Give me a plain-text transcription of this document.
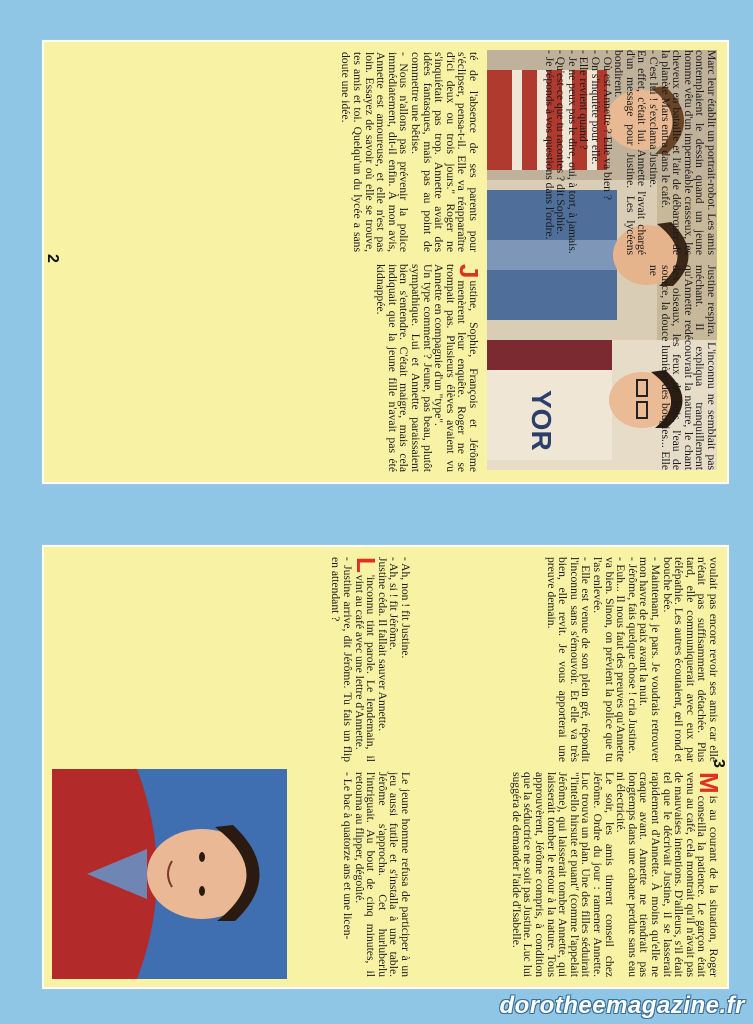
YOR

té de l'absence de ses parents pour s'éclipser, pensa-t-il. Elle va réapparaître d'ici deux ou trois jours." Roger ne s'inquiétait pas trop. Annette avait des idées fantasques, mais pas au point de commettre une bêtise.

- Nous n'allons pas prévenir la police immédiatement, dit-il enfin. À mon avis, Annette est amoureuse, et elle n'est pas loin. Essayez de savoir où elle se trouve, tes amis et toi. Quelqu'un du lycée a sans doute une idée.

J
ustine, Sophie, François et Jérôme menèrent leur enquête. Roger ne se trompait pas. Plusieurs élèves avaient vu Annette en compagnie d'un "type".

Un type comment ? Jeune, pas beau, plutôt sympathique. Lui et Annette paraissaient bien s'entendre. C'était maigre, mais cela indiquait que la jeune fille n'avait pas été kidnappée.

2

Marc leur établit un portrait-robot. Les amis contemplaient le dessin quand un jeune homme vêtu d'un imperméable crasseux, les cheveux en bataille et l'air de débarquer de la planète Mars entra dans le café.

- C'est lui ! s'exclama Justine.

En effet, c'était lui. Annette l'avait chargé d'un message pour Justine. Les lycéens bondirent.

- Où est Annette ? Elle va bien ?

- On s'inquiète pour elle.

- Elle revient quand ?

- Je ne peux pas le dire, oui, à tort, à jamais.

- Qu'est-ce que tu racontes ? dit Sophie.

- Je réponds à vos questions dans l'ordre.

Justine respira. L'inconnu ne semblait pas méchant. Il expliqua tranquillement qu'Annette redécouvrait la nature, le chant des oiseaux, les feux de bois, l'eau de source, la douce lumière des bougies... Elle ne

voulait pas encore revoir ses amis car elle n'était pas suffisamment détachée. Plus tard, elle communiquerait avec eux par télépathie. Les autres écoutaient, œil rond et bouche bée.

- Maintenant, je pars. Je voudrais retrouver mon havre de paix avant la nuit.

- Jérôme, fais quelque chose ! cria Justine.

- Euh... Il nous faut des preuves qu'Annette va bien. Sinon, on prévient la police que tu l'as enlevée.

- Elle est venue de son plein gré, répondit l'inconnu sans s'émouvoir. Et elle va très bien, elle revit. Je vous apporterai une preuve demain.

M
is au courant de la situation, Roger conseilla la patience. Le garçon était venu au café, cela montrait qu'il n'avait pas de mauvaises intentions. D'ailleurs, s'il était tel que le décrivait Justine, il se lasserait rapidement d'Annette. À moins qu'elle ne craque avant. Annette ne tiendrait pas longtemps dans une cabane perdue sans eau ni électricité.

Le soir, les amis tinrent conseil chez Jérôme. Ordre du jour : ramener Annette. Luc trouva un plan. Une des filles séduirait "l'intello hirsute et puant" (comme l'appelait Jérôme), qui laisserait tomber Annette, qui laisserait tomber le retour à la nature. Tous approuvèrent, Jérôme compris, à condition que la séductrice ne soit pas Justine. Luc lui suggéra de demander l'aide d'Isabelle.

- Ah, non ! fit Justine.

- Ah, si ! fit Jérôme.

Justine céda. Il fallait sauver Annette.

L
'inconnu tint parole. Le lendemain, il vint au café avec une lettre d'Annette.

- Justine arrive, dit Jérôme. Tu fais un flip en attendant ?

Le jeune homme refusa de participer à un jeu aussi futile et s'installa à une table. Jérôme s'approcha. Cet hurluberlu l'intriguait. Au bout de cinq minutes, il retourna au flipper, dégoûté.

- Le bac à quatorze ans et une licen-

3
dorotheemagazine.fr
